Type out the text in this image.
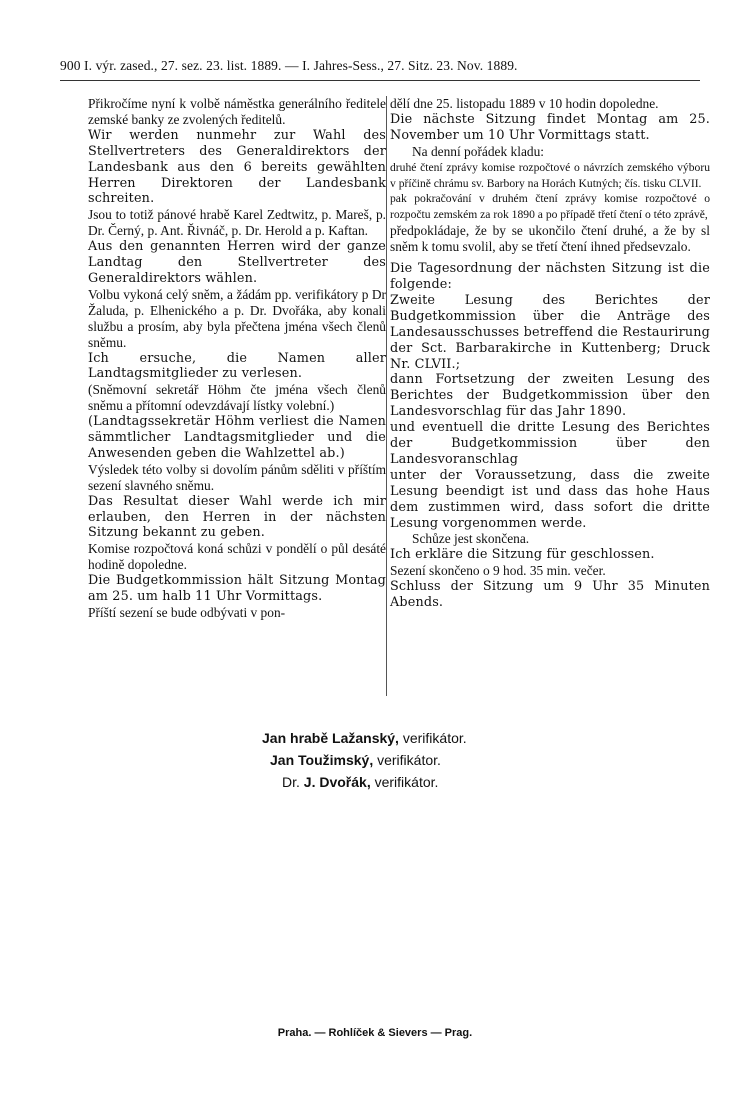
900 I. výr. zased., 27. sez. 23. list. 1889. — I. Jahres-Sess., 27. Sitz. 23. Nov. 1889.

Přikročíme nyní k volbě náměstka generálního ředitele zemské banky ze zvolených ředitelů.

Wir werden nunmehr zur Wahl des Stellvertreters des Generaldirektors der Landesbank aus den 6 bereits gewählten Herren Direktoren der Landesbank schreiten.

Jsou to totiž pánové hrabě Karel Zedtwitz, p. Mareš, p. Dr. Černý, p. Ant. Řivnáč, p. Dr. Herold a p. Kaftan.

Aus den genannten Herren wird der ganze Landtag den Stellvertreter des Generaldirektors wählen.

Volbu vykoná celý sněm, a žádám pp. verifikátory p Dr Žaluda, p. Elhenického a p. Dr. Dvořáka, aby konali službu a prosím, aby byla přečtena jména všech členů sněmu.

Ich ersuche, die Namen aller Landtagsmitglieder zu verlesen.

(Sněmovní sekretář Höhm čte jména všech členů sněmu a přítomní odevzdávají lístky volební.)

(Landtagssekretär Höhm verliest die Namen sämmtlicher Landtagsmitglieder und die Anwesenden geben die Wahlzettel ab.)

Výsledek této volby si dovolím pánům sděliti v příštím sezení slavného sněmu.

Das Resultat dieser Wahl werde ich mir erlauben, den Herren in der nächsten Sitzung bekannt zu geben.

Komise rozpočtová koná schůzi v pondělí o půl desáté hodině dopoledne.

Die Budgetkommission hält Sitzung Montag am 25. um halb 11 Uhr Vormittags.

Příští sezení se bude odbývati v pon-

dělí dne 25. listopadu 1889 v 10 hodin dopoledne.

Die nächste Sitzung findet Montag am 25. November um 10 Uhr Vormittags statt.

Na denní pořádek kladu:

druhé čtení zprávy komise rozpočtové o návrzích zemského výboru v příčině chrámu sv. Barbory na Horách Kutných; čís. tisku CLVII.

pak pokračování v druhém čtení zprávy komise rozpočtové o rozpočtu zemském za rok 1890 a po případě třetí čtení o této zprávě,

předpokládaje, že by se ukončilo čtení druhé, a že by sl sněm k tomu svolil, aby se třetí čtení ihned předsevzalo.

Die Tagesordnung der nächsten Sitzung ist die folgende:

Zweite Lesung des Berichtes der Budgetkommission über die Anträge des Landesausschusses betreffend die Restaurirung der Sct. Barbarakirche in Kuttenberg; Druck Nr. CLVII.;

dann Fortsetzung der zweiten Lesung des Berichtes der Budgetkommission über den Landesvorschlag für das Jahr 1890.

und eventuell die dritte Lesung des Berichtes der Budgetkommission über den Landesvoranschlag

unter der Voraussetzung, dass die zweite Lesung beendigt ist und dass das hohe Haus dem zustimmen wird, dass sofort die dritte Lesung vorgenommen werde.

Schůze jest skončena.

Ich erkläre die Sitzung für geschlossen.

Sezení skončeno o 9 hod. 35 min. večer.

Schluss der Sitzung um 9 Uhr 35 Minuten Abends.

Jan hrabě Lažanský, verifikátor.
Jan Toužimský, verifikátor.
Dr. J. Dvořák, verifikátor.
Praha. — Rohlíček & Sievers — Prag.
